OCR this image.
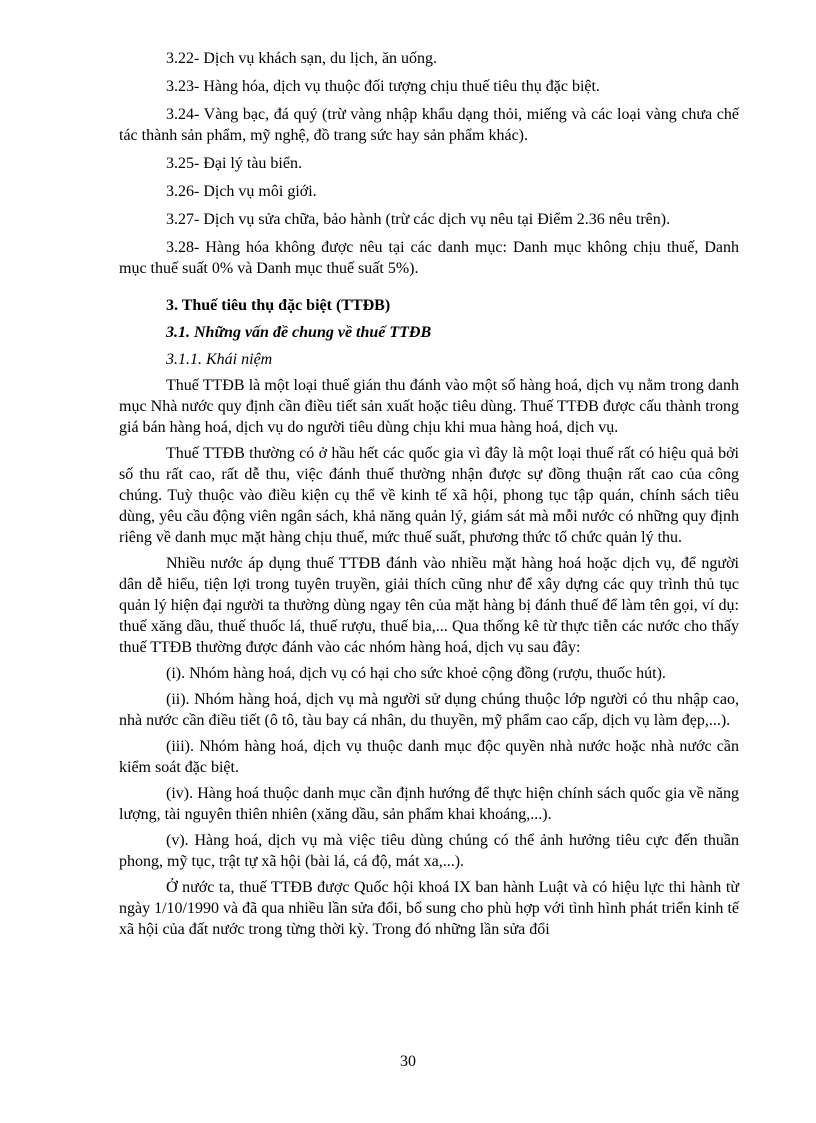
3.22- Dịch vụ khách sạn, du lịch, ăn uống.

3.23- Hàng hóa, dịch vụ thuộc đối tượng chịu thuế tiêu thụ đặc biệt.

3.24- Vàng bạc, đá quý (trừ vàng nhập khẩu dạng thỏi, miếng và các loại vàng chưa chế tác thành sản phẩm, mỹ nghệ, đồ trang sức hay sản phẩm khác).

3.25- Đại lý tàu biển.

3.26- Dịch vụ môi giới.

3.27- Dịch vụ sửa chữa, bảo hành (trừ các dịch vụ nêu tại Điểm 2.36 nêu trên).

3.28- Hàng hóa không được nêu tại các danh mục: Danh mục không chịu thuế, Danh mục thuế suất 0% và Danh mục thuế suất 5%).

3. Thuế tiêu thụ đặc biệt (TTĐB)

3.1. Những vấn đề chung về thuế TTĐB

3.1.1. Khái niệm

Thuế TTĐB là một loại thuế gián thu đánh vào một số hàng hoá, dịch vụ nằm trong danh mục Nhà nước quy định cần điều tiết sản xuất hoặc tiêu dùng. Thuế TTĐB được cấu thành trong giá bán hàng hoá, dịch vụ do người tiêu dùng chịu khi mua hàng hoá, dịch vụ.

Thuế TTĐB thường có ở hầu hết các quốc gia vì đây là một loại thuế rất có hiệu quả bởi số thu rất cao, rất dễ thu, việc đánh thuế thường nhận được sự đồng thuận rất cao của công chúng. Tuỳ thuộc vào điều kiện cụ thể về kinh tế xã hội, phong tục tập quán, chính sách tiêu dùng, yêu cầu động viên ngân sách, khả năng quản lý, giám sát mà mỗi nước có những quy định riêng về danh mục mặt hàng chịu thuế, mức thuế suất, phương thức tổ chức quản lý thu.

Nhiều nước áp dụng thuế TTĐB đánh vào nhiều mặt hàng hoá hoặc dịch vụ, để người dân dễ hiểu, tiện lợi trong tuyên truyền, giải thích cũng như để xây dựng các quy trình thủ tục quản lý hiện đại người ta thường dùng ngay tên của mặt hàng bị đánh thuế để làm tên gọi, ví dụ: thuế xăng dầu, thuế thuốc lá, thuế rượu, thuế bia,... Qua thống kê từ thực tiễn các nước cho thấy thuế TTĐB thường được đánh vào các nhóm hàng hoá, dịch vụ sau đây:

(i). Nhóm hàng hoá, dịch vụ có hại cho sức khoẻ cộng đồng (rượu, thuốc hút).

(ii). Nhóm hàng hoá, dịch vụ mà người sử dụng chúng thuộc lớp người có thu nhập cao, nhà nước cần điều tiết (ô tô, tàu bay cá nhân, du thuyền, mỹ phẩm cao cấp, dịch vụ làm đẹp,...).

(iii). Nhóm hàng hoá, dịch vụ thuộc danh mục độc quyền nhà nước hoặc nhà nước cần kiểm soát đặc biệt.

(iv). Hàng hoá thuộc danh mục cần định hướng để thực hiện chính sách quốc gia về năng lượng, tài nguyên thiên nhiên (xăng dầu, sản phẩm khai khoáng,...).

(v). Hàng hoá, dịch vụ mà việc tiêu dùng chúng có thể ảnh hưởng tiêu cực đến thuần phong, mỹ tục, trật tự xã hội (bài lá, cá độ, mát xa,...).

Ở nước ta, thuế TTĐB được Quốc hội khoá IX ban hành Luật và có hiệu lực thi hành từ ngày 1/10/1990 và đã qua nhiều lần sửa đổi, bổ sung cho phù hợp với tình hình phát triển kinh tế xã hội của đất nước trong từng thời kỳ. Trong đó những lần sửa đổi

30
